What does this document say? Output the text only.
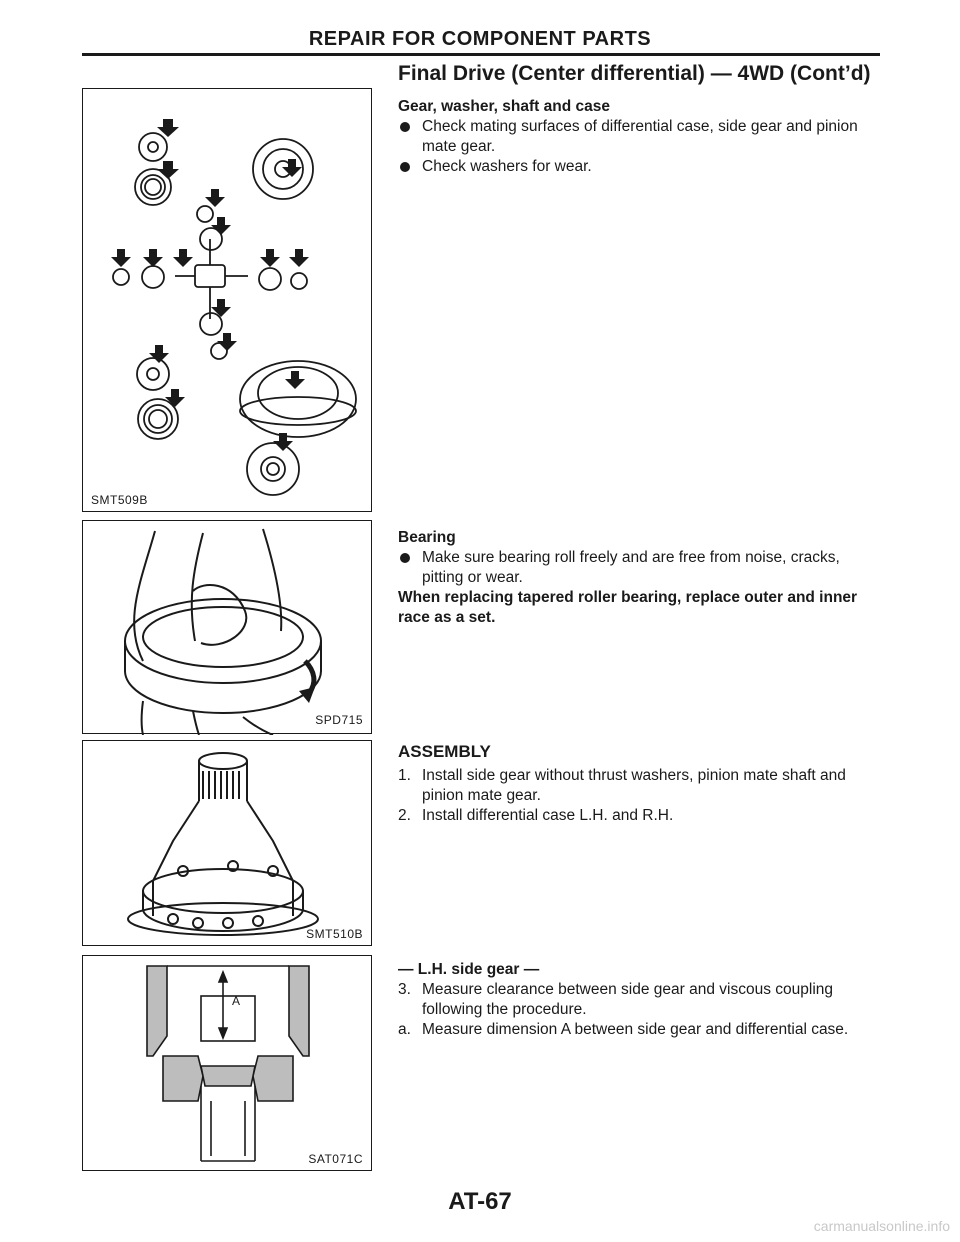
REPAIR FOR COMPONENT PARTS
Final Drive (Center differential) — 4WD (Cont’d)
SMT509B
SPD715
SMT510B
A
SAT071C
Gear, washer, shaft and case
Check mating surfaces of differential case, side gear and pinion mate gear.
Check washers for wear.
Bearing
Make sure bearing roll freely and are free from noise, cracks, pitting or wear.
When replacing tapered roller bearing, replace outer and inner race as a set.
ASSEMBLY
1. Install side gear without thrust washers, pinion mate shaft and pinion mate gear.
2. Install differential case L.H. and R.H.
— L.H. side gear —
3. Measure clearance between side gear and viscous coupling following the procedure.
a. Measure dimension A between side gear and differential case.
AT-67
carmanualsonline.info
